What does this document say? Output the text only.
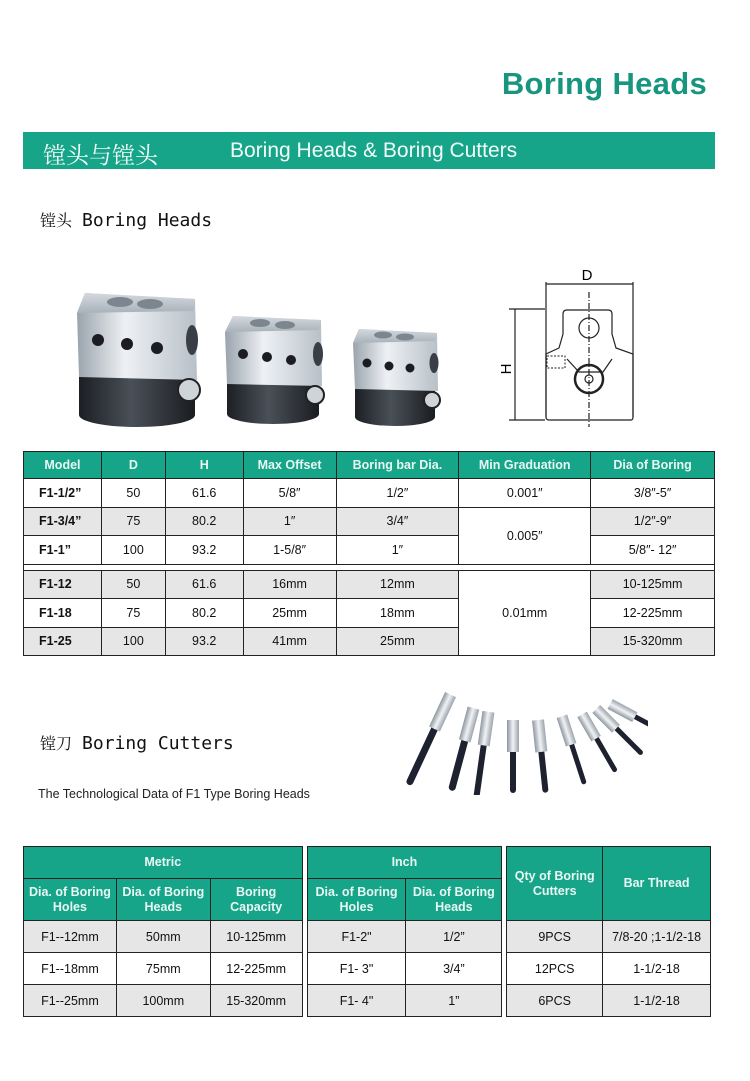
Boring Heads
镗头与镗头	Boring Heads & Boring Cutters
镗头 Boring Heads
D
H
Model	D	H	Max Offset	Boring bar Dia.	Min Graduation	Dia of Boring
F1-1/2”	50	61.6	5/8″	1/2″	0.001″	3/8″-5″
F1-3/4”	75	80.2	1″	3/4″	0.005″	1/2″-9″
F1-1”	100	93.2	1-5/8″	1″		5/8″- 12″

F1-12	50	61.6	16mm	12mm	0.01mm	10-125mm
F1-18	75	80.2	25mm	18mm		12-225mm
F1-25	100	93.2	41mm	25mm		15-320mm
镗刀 Boring Cutters
The Technological Data of F1 Type Boring Heads
Metric				Inch			Qty of Boring Cutters	Bar Thread
Dia. of Boring Holes	Dia. of Boring Heads	Boring Capacity		Dia. of Boring Holes	Dia. of Boring Heads			
F1--12mm	50mm	10-125mm		F1-2"	1/2”		9PCS	7/8-20 ;1-1/2-18
F1--18mm	75mm	12-225mm		F1- 3"	3/4”		12PCS	1-1/2-18
F1--25mm	100mm	15-320mm		F1- 4"	1”		6PCS	1-1/2-18
